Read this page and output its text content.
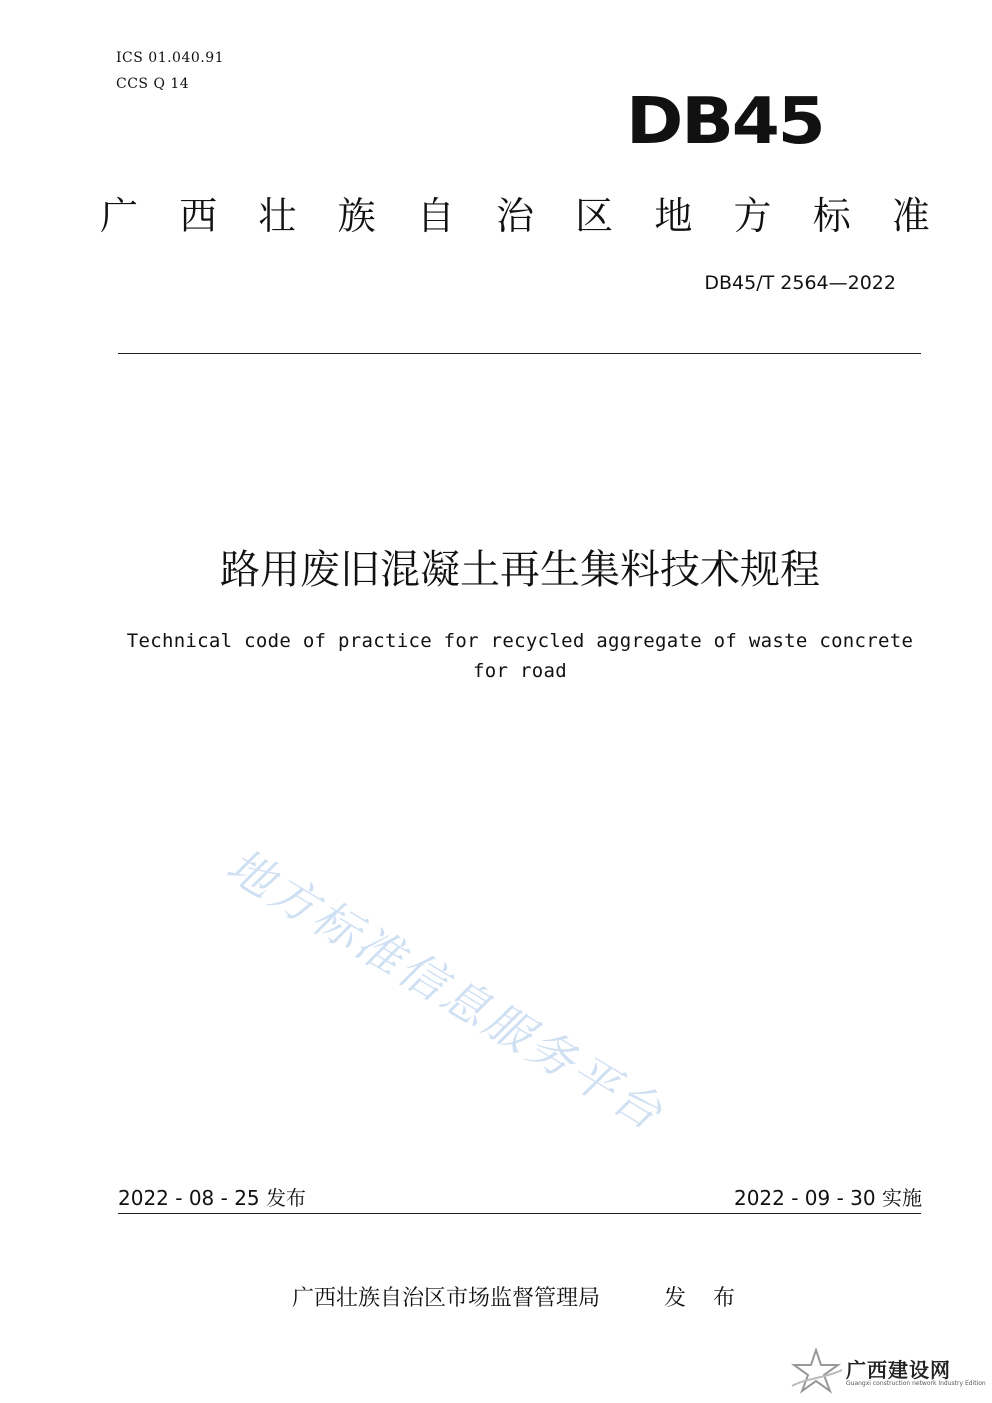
ICS 01.040.91
CCS Q 14
DB45
广 西 壮 族 自 治 区 地 方 标 准
DB45/T 2564—2022
路用废旧混凝土再生集料技术规程
Technical code of practice for recycled aggregate of waste concrete
for road
地方标准信息服务平台
2022 - 08 - 25 发布	2022 - 09 - 30 实施
广西壮族自治区市场监督管理局	发 布
广西建设网
Guangxi construction network Industry Edition
